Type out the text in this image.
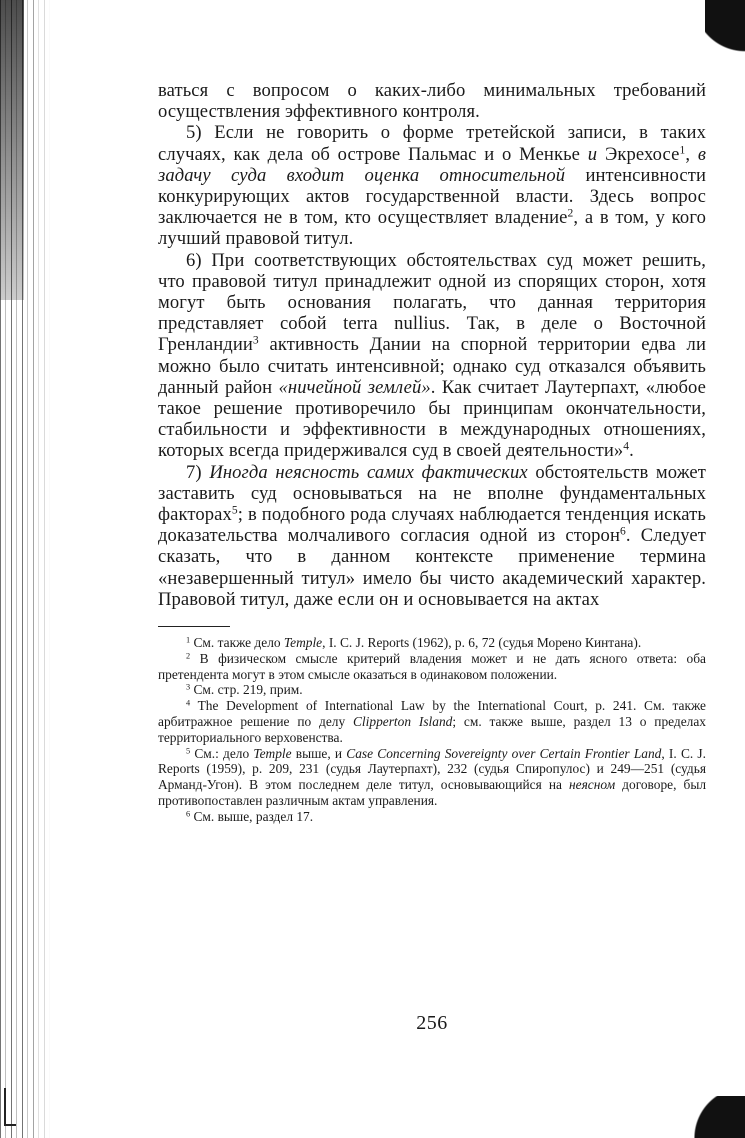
ваться с вопросом о каких-либо минимальных требований осуществления эффективного контроля.

5) Если не говорить о форме третейской записи, в таких случаях, как дела об острове Пальмас и о Менкье и Экрехосе$^1$, в задачу суда входит оценка относительной интенсивности конкурирующих актов государственной власти. Здесь вопрос заключается не в том, кто осуществляет владение$^2$, а в том, у кого лучший правовой титул.

6) При соответствующих обстоятельствах суд может решить, что правовой титул принадлежит одной из спорящих сторон, хотя могут быть основания полагать, что данная территория представляет собой terra nullius. Так, в деле о Восточной Гренландии$^3$ активность Дании на спорной территории едва ли можно было считать интенсивной; однако суд отказался объявить данный район «ничейной землей». Как считает Лаутерпахт, «любое такое решение противоречило бы принципам окончательности, стабильности и эффективности в международных отношениях, которых всегда придерживался суд в своей деятельности»$^4$.

7) Иногда неясность самих фактических обстоятельств может заставить суд основываться на не вполне фундаментальных факторах$^5$; в подобного рода случаях наблюдается тенденция искать доказательства молчаливого согласия одной из сторон$^6$. Следует сказать, что в данном контексте применение термина «незавершенный титул» имело бы чисто академический характер. Правовой титул, даже если он и основывается на актах

$^1$ См. также дело Temple, I. C. J. Reports (1962), p. 6, 72 (судья Морено Кинтана).

$^2$ В физическом смысле критерий владения может и не дать ясного ответа: оба претендента могут в этом смысле оказаться в одинаковом положении.

$^3$ См. стр. 219, прим.

$^4$ The Development of International Law by the International Court, p. 241. См. также арбитражное решение по делу Clipperton Island; см. также выше, раздел 13 о пределах территориального верховенства.

$^5$ См.: дело Temple выше, и Case Concerning Sovereignty over Certain Frontier Land, I. C. J. Reports (1959), p. 209, 231 (судья Лаутерпахт), 232 (судья Спиропулос) и 249—251 (судья Арманд-Угон). В этом последнем деле титул, основывающийся на неясном договоре, был противопоставлен различным актам управления.

$^6$ См. выше, раздел 17.

256
